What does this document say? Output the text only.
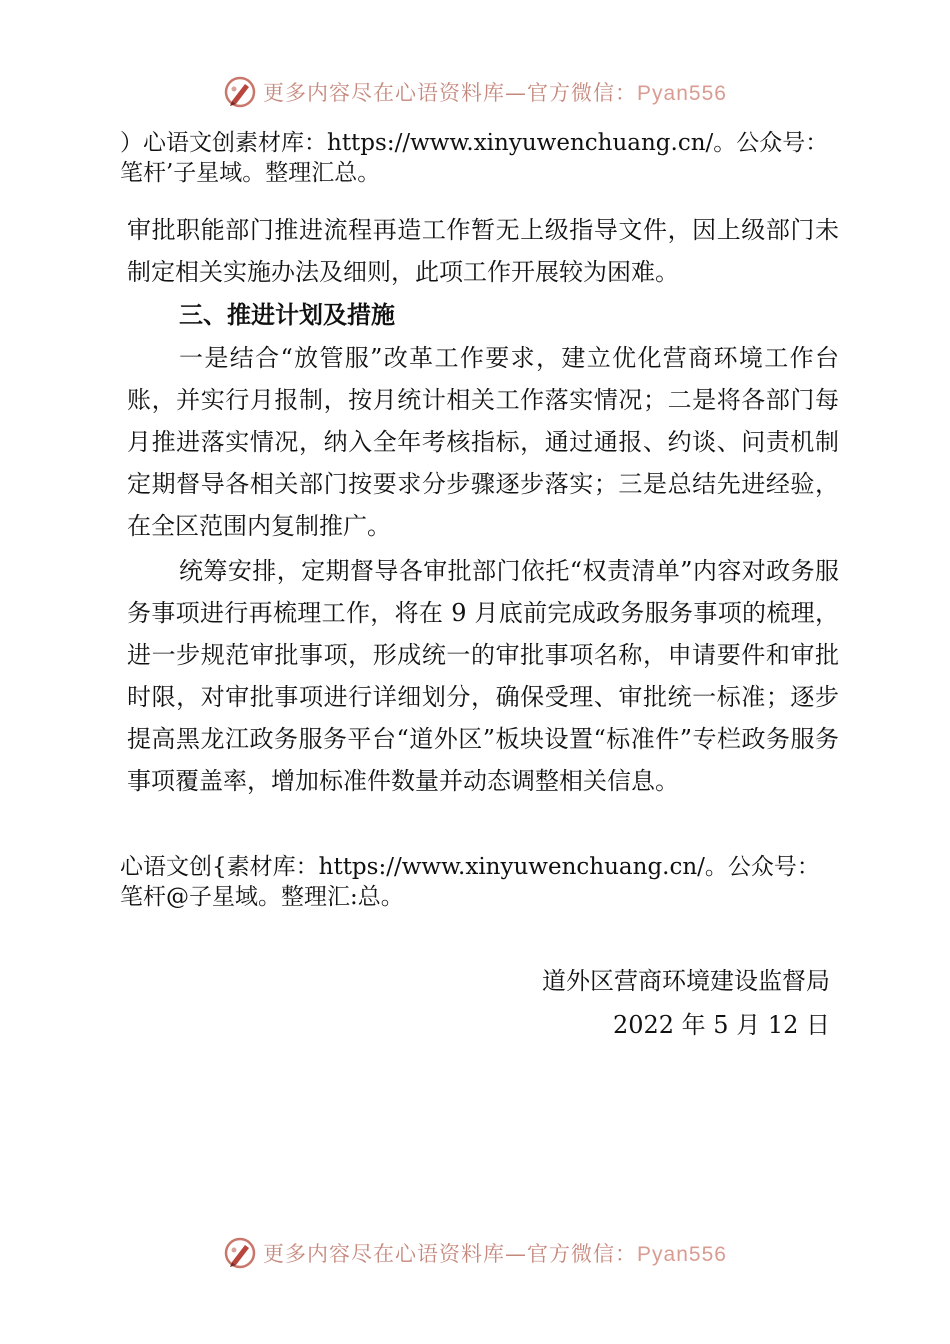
更多内容尽在心语资料库—官方微信：Pyan556

）心语文创素材库：https://www.xinyuwenchuang.cn/。公众号：

笔杆’子星域。整理汇总。

审批职能部门推进流程再造工作暂无上级指导文件，因上级部门未制定相关实施办法及细则，此项工作开展较为困难。

三、推进计划及措施

一是结合“放管服”改革工作要求，建立优化营商环境工作台账，并实行月报制，按月统计相关工作落实情况；二是将各部门每月推进落实情况，纳入全年考核指标，通过通报、约谈、问责机制定期督导各相关部门按要求分步骤逐步落实；三是总结先进经验，在全区范围内复制推广。

统筹安排，定期督导各审批部门依托“权责清单”内容对政务服务事项进行再梳理工作，将在 9 月底前完成政务服务事项的梳理，进一步规范审批事项，形成统一的审批事项名称，申请要件和审批时限，对审批事项进行详细划分，确保受理、审批统一标准；逐步提高黑龙江政务服务平台“道外区”板块设置“标准件”专栏政务服务事项覆盖率，增加标准件数量并动态调整相关信息。

心语文创{素材库：https://www.xinyuwenchuang.cn/。公众号：

笔杆@子星域。整理汇:总。

道外区营商环境建设监督局

2022 年 5 月 12 日

更多内容尽在心语资料库—官方微信：Pyan556
